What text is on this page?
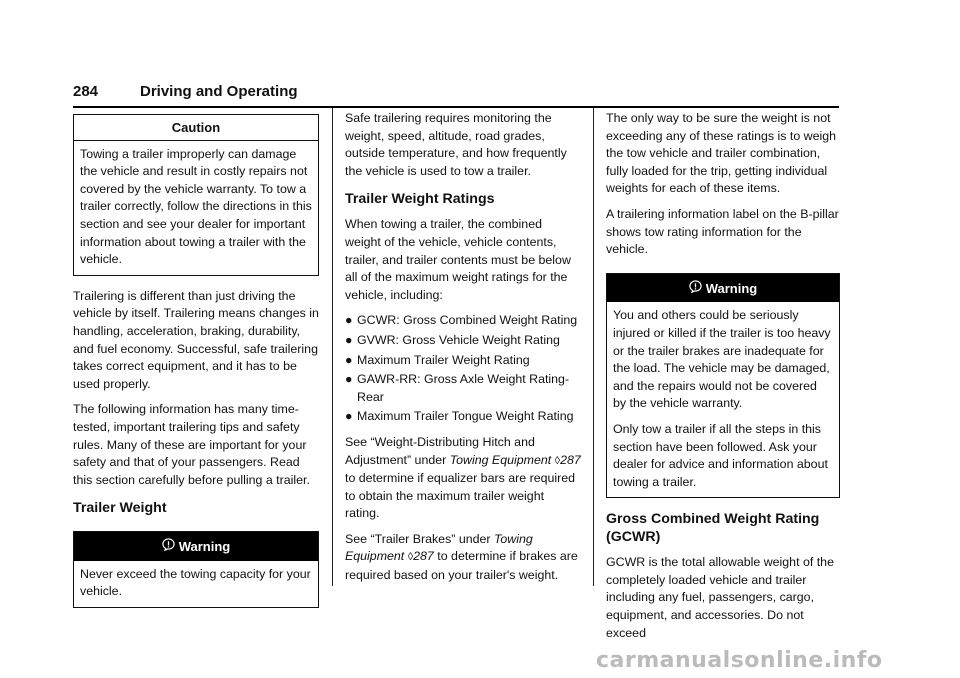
284	Driving and Operating
Caution

Towing a trailer improperly can damage the vehicle and result in costly repairs not covered by the vehicle warranty. To tow a trailer correctly, follow the directions in this section and see your dealer for important information about towing a trailer with the vehicle.

Trailering is different than just driving the vehicle by itself. Trailering means changes in handling, acceleration, braking, durability, and fuel economy. Successful, safe trailering takes correct equipment, and it has to be used properly.

The following information has many time-tested, important trailering tips and safety rules. Many of these are important for your safety and that of your passengers. Read this section carefully before pulling a trailer.

Trailer Weight
Warning

Never exceed the towing capacity for your vehicle.

Safe trailering requires monitoring the weight, speed, altitude, road grades, outside temperature, and how frequently the vehicle is used to tow a trailer.

Trailer Weight Ratings

When towing a trailer, the combined weight of the vehicle, vehicle contents, trailer, and trailer contents must be below all of the maximum weight ratings for the vehicle, including:

● GCWR: Gross Combined Weight Rating
● GVWR: Gross Vehicle Weight Rating
● Maximum Trailer Weight Rating
● GAWR-RR: Gross Axle Weight Rating-Rear
● Maximum Trailer Tongue Weight Rating

See “Weight-Distributing Hitch and Adjustment” under Towing Equipment ◊287 to determine if equalizer bars are required to obtain the maximum trailer weight rating.

See “Trailer Brakes” under Towing Equipment ◊287 to determine if brakes are required based on your trailer's weight.

The only way to be sure the weight is not exceeding any of these ratings is to weigh the tow vehicle and trailer combination, fully loaded for the trip, getting individual weights for each of these items.

A trailering information label on the B-pillar shows tow rating information for the vehicle.

Warning

You and others could be seriously injured or killed if the trailer is too heavy or the trailer brakes are inadequate for the load. The vehicle may be damaged, and the repairs would not be covered by the vehicle warranty.

Only tow a trailer if all the steps in this section have been followed. Ask your dealer for advice and information about towing a trailer.

Gross Combined Weight Rating (GCWR)

GCWR is the total allowable weight of the completely loaded vehicle and trailer including any fuel, passengers, cargo, equipment, and accessories. Do not exceed

carmanualsonline.info
